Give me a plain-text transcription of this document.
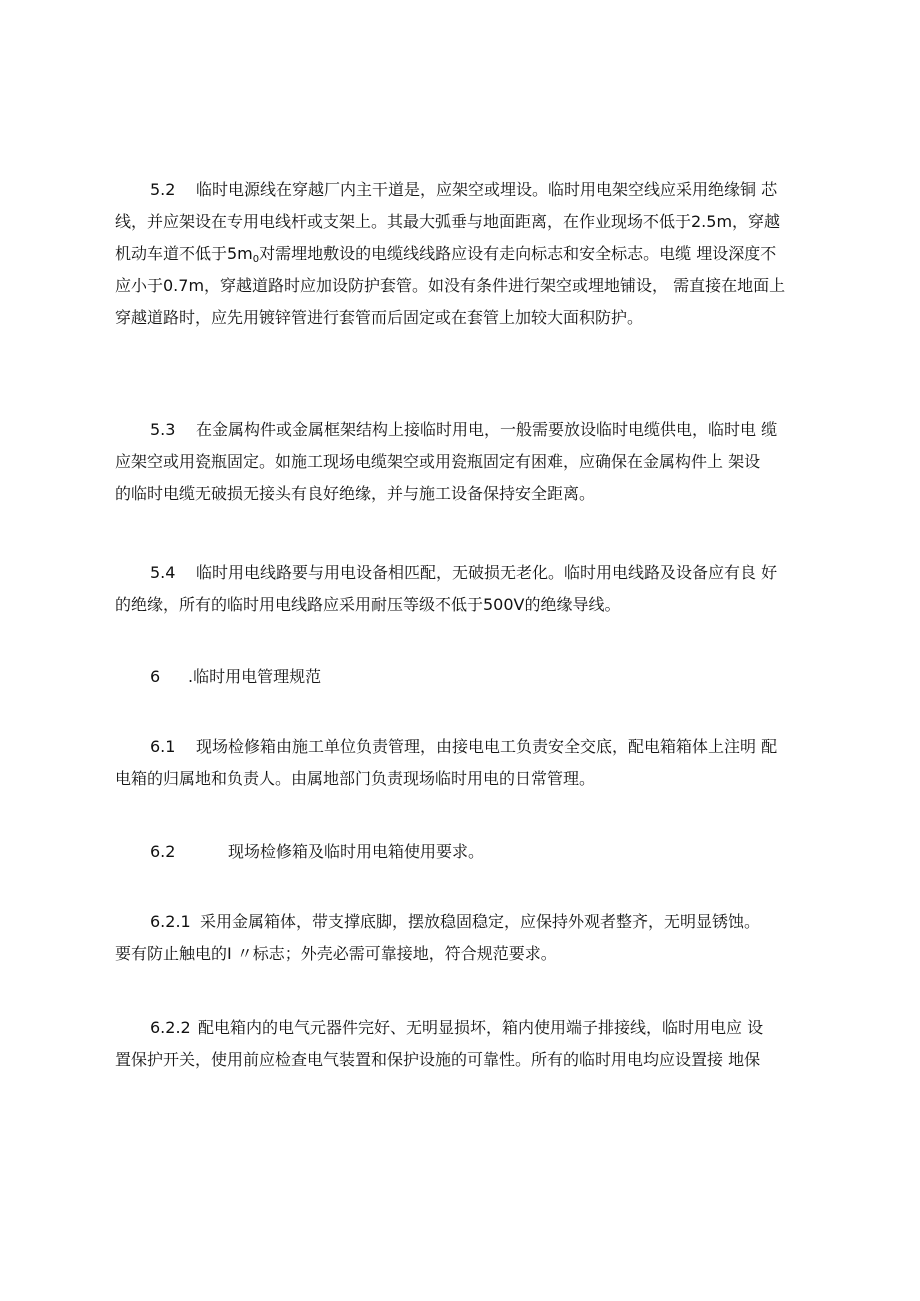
5.2 临时电源线在穿越厂内主干道是，应架空或埋设。临时用电架空线应采用绝缘铜 芯
线，并应架设在专用电线杆或支架上。其最大弧垂与地面距离，在作业现场不低于2.5m，穿越
机动车道不低于$5m_0$对需埋地敷设的电缆线线路应设有走向标志和安全标志。电缆 埋设深度不
应小于0.7m，穿越道路时应加设防护套管。如没有条件进行架空或埋地铺设， 需直接在地面上
穿越道路时，应先用镀锌管进行套管而后固定或在套管上加较大面积防护。
5.3 在金属构件或金属框架结构上接临时用电，一般需要放设临时电缆供电，临时电 缆
应架空或用瓷瓶固定。如施工现场电缆架空或用瓷瓶固定有困难，应确保在金属构件上 架设
的临时电缆无破损无接头有良好绝缘，并与施工设备保持安全距离。
5.4 临时用电线路要与用电设备相匹配，无破损无老化。临时用电线路及设备应有良 好
的绝缘，所有的临时用电线路应采用耐压等级不低于500V的绝缘导线。
6 .临时用电管理规范
6.1 现场检修箱由施工单位负责管理，由接电电工负责安全交底，配电箱箱体上注明 配
电箱的归属地和负责人。由属地部门负责现场临时用电的日常管理。
6.2	现场检修箱及临时用电箱使用要求。
6.2.1 采用金属箱体，带支撑底脚，摆放稳固稳定，应保持外观者整齐，无明显锈蚀。
要有防止触电的I 〃标志；外壳必需可靠接地，符合规范要求。
6.2.2 配电箱内的电气元器件完好、无明显损坏，箱内使用端子排接线，临时用电应 设
置保护开关，使用前应检查电气装置和保护设施的可靠性。所有的临时用电均应设置接 地保
